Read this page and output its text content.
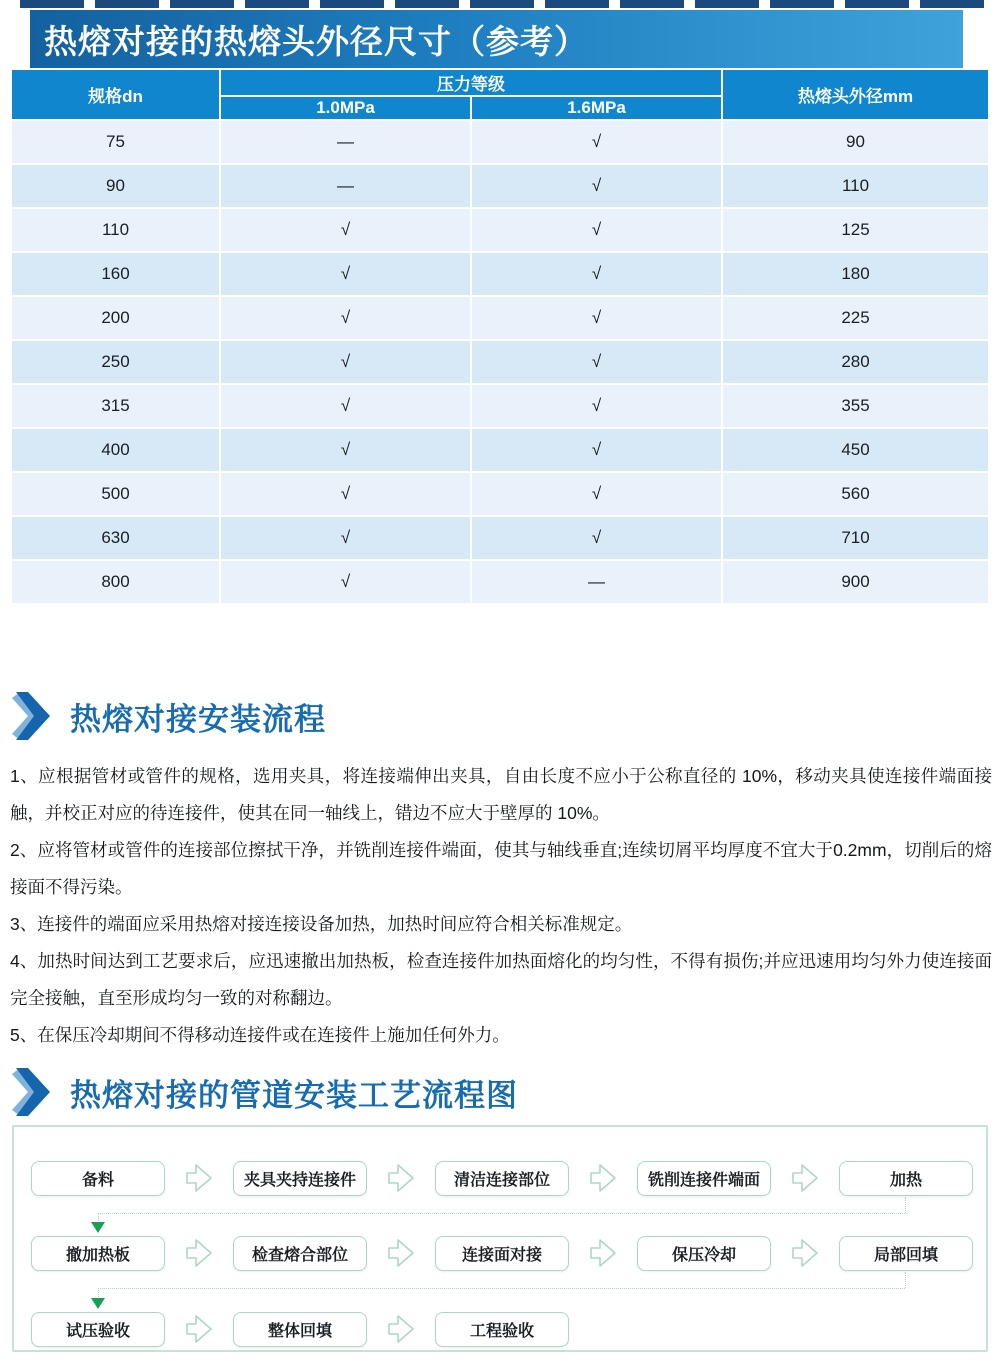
热熔对接的热熔头外径尺寸（参考）
规格dn	压力等级		热熔头外径mm
	1.0MPa	1.6MPa	
75	—	√	90
90	—	√	110
110	√	√	125
160	√	√	180
200	√	√	225
250	√	√	280
315	√	√	355
400	√	√	450
500	√	√	560
630	√	√	710
800	√	—	900
热熔对接安装流程

1、应根据管材或管件的规格，选用夹具，将连接端伸出夹具，自由长度不应小于公称直径的 10%，移动夹具使连接件端面接触，并校正对应的待连接件，使其在同一轴线上，错边不应大于壁厚的 10%。

2、应将管材或管件的连接部位擦拭干净，并铣削连接件端面，使其与轴线垂直;连续切屑平均厚度不宜大于0.2mm，切削后的熔接面不得污染。

3、连接件的端面应采用热熔对接连接设备加热，加热时间应符合相关标准规定。

4、加热时间达到工艺要求后，应迅速撤出加热板，检查连接件加热面熔化的均匀性，不得有损伤;并应迅速用均匀外力使连接面完全接触，直至形成均匀一致的对称翻边。

5、在保压冷却期间不得移动连接件或在连接件上施加任何外力。

热熔对接的管道安装工艺流程图
备料	夹具夹持连接件	清洁连接部位	铣削连接件端面	加热
撤加热板	检查熔合部位	连接面对接	保压冷却	局部回填
试压验收	整体回填	工程验收
